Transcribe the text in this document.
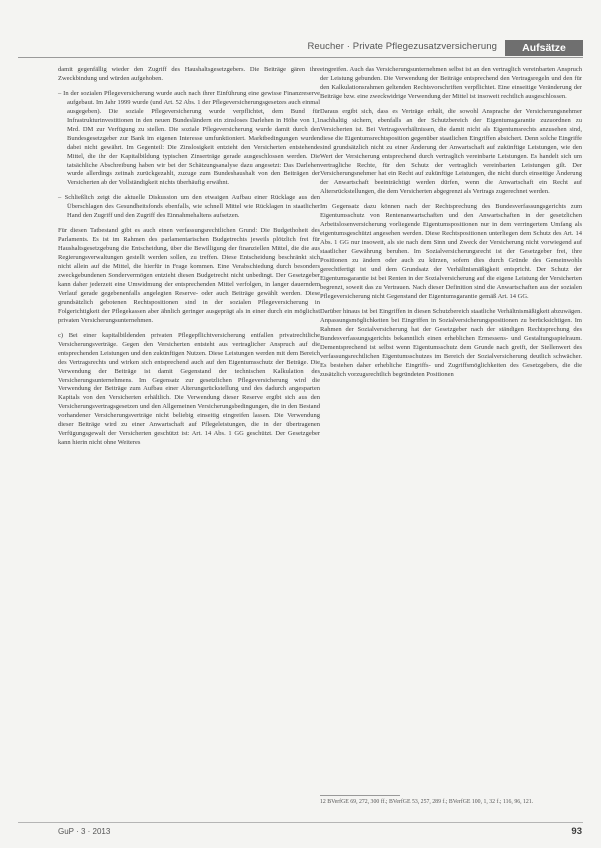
Reucher · Private Pflegezusatzversicherung	Aufsätze

damit gegenfällig wieder den Zugriff des Haushaltsgesetzgebers. Die Beiträge gären ihre Zweckbindung und würden aufgehoben.

– In der sozialen Pflegeversicherung wurde auch nach ihrer Einführung eine gewisse Finanzreserve aufgebaut. Im Jahr 1999 wurde (und Art. 52 Abs. 1 der Pflegeversicherungsgesetzes auch einmal ausgegeben). Die soziale Pflegeversicherung wurde verpflichtet, dem Bund für Infrastrukturinvestitionen in den neuen Bundesländern ein zinsloses Darlehen in Höhe von 1,1 Mrd. DM zur Verfügung zu stellen. Die soziale Pflegeversicherung wurde damit durch den Bundesgesetzgeber zur Bank im eigenen Interesse umfunktioniert. Marktbedingungen wurden dabei nicht gewährt. Im Gegenteil: Die Zinslosigkeit entzieht den Versicherten entstehende Mittel, die ihr der Kapitalbildung typischen Zinserträge gerade ausgeschlossen werden. Die tatsächliche Abschreibung haben wir bei der Schätzungsanalyse dazu angesetzt: Das Darlehen wurde allerdings zeitnah zurückgezahlt, zuzuge zum Bundeshaushalt von den Beiträgen der Versicherten ab der Vollständigkeit nichts überhäufig erwähnt.

– Schließlich zeigt die aktuelle Diskussion um den etwaigen Aufbau einer Rücklage aus den Überschlagen des Gesundheitsfonds ebenfalls, wie schnell Mittel wie Rücklagen in staatlicher Hand den Zugriff und den Zugriff des Einnahmehaltens aufsetzen.

Für diesen Tatbestand gibt es auch einen verfassungsrechtlichen Grund: Die Budgethoheit des Parlaments. Es ist im Rahmen des parlamentarischen Budgetrechts jeweils plötzlich frei für Haushaltsgesetzgebung die Entscheidung, über die Bewilligung der finanziellen Mittel, die die aus Regierungsverwaltungen gestellt werden sollen, zu treffen. Diese Entscheidung beschränkt sich nicht allein auf die Mittel, die hierfür in Frage kommen. Eine Verabschiedung durch besonders zweckgebundenen Sondervermögen entzieht diesen Budgetrecht nicht unbedingt. Der Gesetzgeber kann daher jederzeit eine Umwidmung der entsprechenden Mittel verfolgen, in langer dauerndem Verlauf gerade gegebenenfalls angelegten Reserve- oder auch Beiträge gewählt werden. Diese grundsätzlich gebotenen Rechtspositionen sind in der sozialen Pflegeversicherung in Folgerichtigkeit der Pflegekassen aber ähnlich geringer ausgeprägt als in einer durch ein möglichst privaten Versicherungsunternehmen.

c) Bei einer kapitalbildenden privaten Pflegepflichtversicherung entfallen privatrechtliche Versicherungsverträge. Gegen den Versicherten entsteht aus vertraglicher Anspruch auf die entsprechenden Leistungen und den zukünftigen Nutzen. Diese Leistungen werden mit dem Bereich des Vertragsrechts und wirken sich entsprechend auch auf den Eigentumsschutz der Beträge. Die Verwendung der Beiträge ist damit Gegenstand der technischen Kalkulation des Versicherungsunternehmens. Im Gegensatz zur gesetzlichen Pflegeversicherung wird die Verwendung der Beiträge zum Aufbau einer Alterungsrückstellung und des dadurch angesparten Kapitals von den Versicherten erhältlich. Die Verwendung dieser Reserve ergibt sich aus den Versicherungsvertragsgesetzen und den Allgemeinen Versicherungsbedingungen, die in den Bestand vorhandener Versicherungsverträge nicht beliebig einseitig eingreifen lassen. Die Verwendung dieser Beiträge wird zu einer Anwartschaft auf Pflegeleistungen, die in der übertragenen Verfügungsgewalt der Versicherten geschützt ist: Art. 14 Abs. 1 GG geschützt. Der Gesetzgeber kann hierin nicht ohne Weiteres

eingreifen. Auch das Versicherungsunternehmen selbst ist an den vertraglich vereinbarten Anspruch der Leistung gebunden. Die Verwendung der Beiträge entsprechend den Vertragsregeln und den für den Kalkulationsrahmen geltenden Rechtsvorschriften verpflichtet. Eine einseitige Veränderung der Beiträge bzw. eine zweckwidrige Verwendung der Mittel ist insoweit rechtlich ausgeschlossen.

Daraus ergibt sich, dass es Verträge erhält, die sowohl Ansprache der Versicherungsnehmer nachhaltig sichern, ebenfalls an der Schutzbereich der Eigentumsgarantie zuzuordnen zu Versicherten ist. Bei Vertragsverhältnissen, die damit nicht als Eigentumsrechts anzusehen sind, diese die Eigentumsrechtsposition gegenüber staatlichen Eingriffen absichert. Denn solche Eingriffe sind grundsätzlich nicht zu einer Änderung der Anwartschaft auf zukünftige Leistungen, wie den Wert der Versicherung entsprechend durch vertraglich vereinbarte Leistungen. Es handelt sich um vertragliche Rechte, für den Schutz der vertraglich vereinbarten Leistungen gilt. Der Versicherungsnehmer hat ein Recht auf zukünftige Leistungen, die nicht durch einseitige Änderung der Anwartschaft beeinträchtigt werden dürfen, wenn die Anwartschaft ein Recht auf Altersrückstellungen, die dem Versicherten abgegrenzt als Vertrags zugerechnet werden.

Im Gegensatz dazu können nach der Rechtsprechung des Bundesverfassungsgerichts zum Eigentumsschutz von Rentenanwartschaften und den Anwartschaften in der gesetzlichen Arbeitslosenversicherung vorliegende Eigentumspositionen nur in dem verringertem Umfang als eigentumsgeschützt angesehen werden. Diese Rechtspositionen unterliegen dem Schutz des Art. 14 Abs. 1 GG nur insoweit, als sie nach dem Sinn und Zweck der Versicherung nicht vorwiegend auf staatlicher Gewährung beruhen. Im Sozialversicherungsrecht ist der Gesetzgeber frei, ihre Positionen zu ändern oder auch zu kürzen, sofern dies durch Gründe des Gemeinwohls gerechtfertigt ist und dem Grundsatz der Verhältnismäßigkeit entspricht. Der Schutz der Eigentumsgarantie ist bei Renten in der Sozialversicherung auf die eigene Leistung der Versicherten begrenzt, soweit das zu Vertrauen. Nach dieser Definition sind die Anwartschaften aus der sozialen Pflegeversicherung nicht Gegenstand der Eigentumsgarantie gemäß Art. 14 GG.

Darüber hinaus ist bei Eingriffen in diesen Schutzbereich staatliche Verhältnismäßigkeit abzuwägen. Anpassungsmöglichkeiten bei Eingriffen in Sozialversicherungspositionen zu berücksichtigen. Im Rahmen der Sozialversicherung hat der Gesetzgeber nach der ständigen Rechtsprechung des Bundesverfassungsgerichts bekanntlich einen erheblichen Ermessens- und Gestaltungsspielraum. Dementsprechend ist selbst wenn Eigentumsschutz dem Grunde nach greift, der Stellenwert des verfassungsrechtlichen Eigentumsschutzes im Bereich der Sozialversicherung deutlich schwächer. Es bestehen daher erhebliche Eingriffs- und Zugriffsmöglichkeiten des Gesetzgebers, die die zusätzlich vorzugsrechtlich begründeten Positionen

12 BVerfGE 69, 272, 300 ff.; BVerfGE 53, 257, 289 f.; BVerfGE 100, 1, 32 f.; 116, 96, 121.
GuP · 3 · 2013	93
